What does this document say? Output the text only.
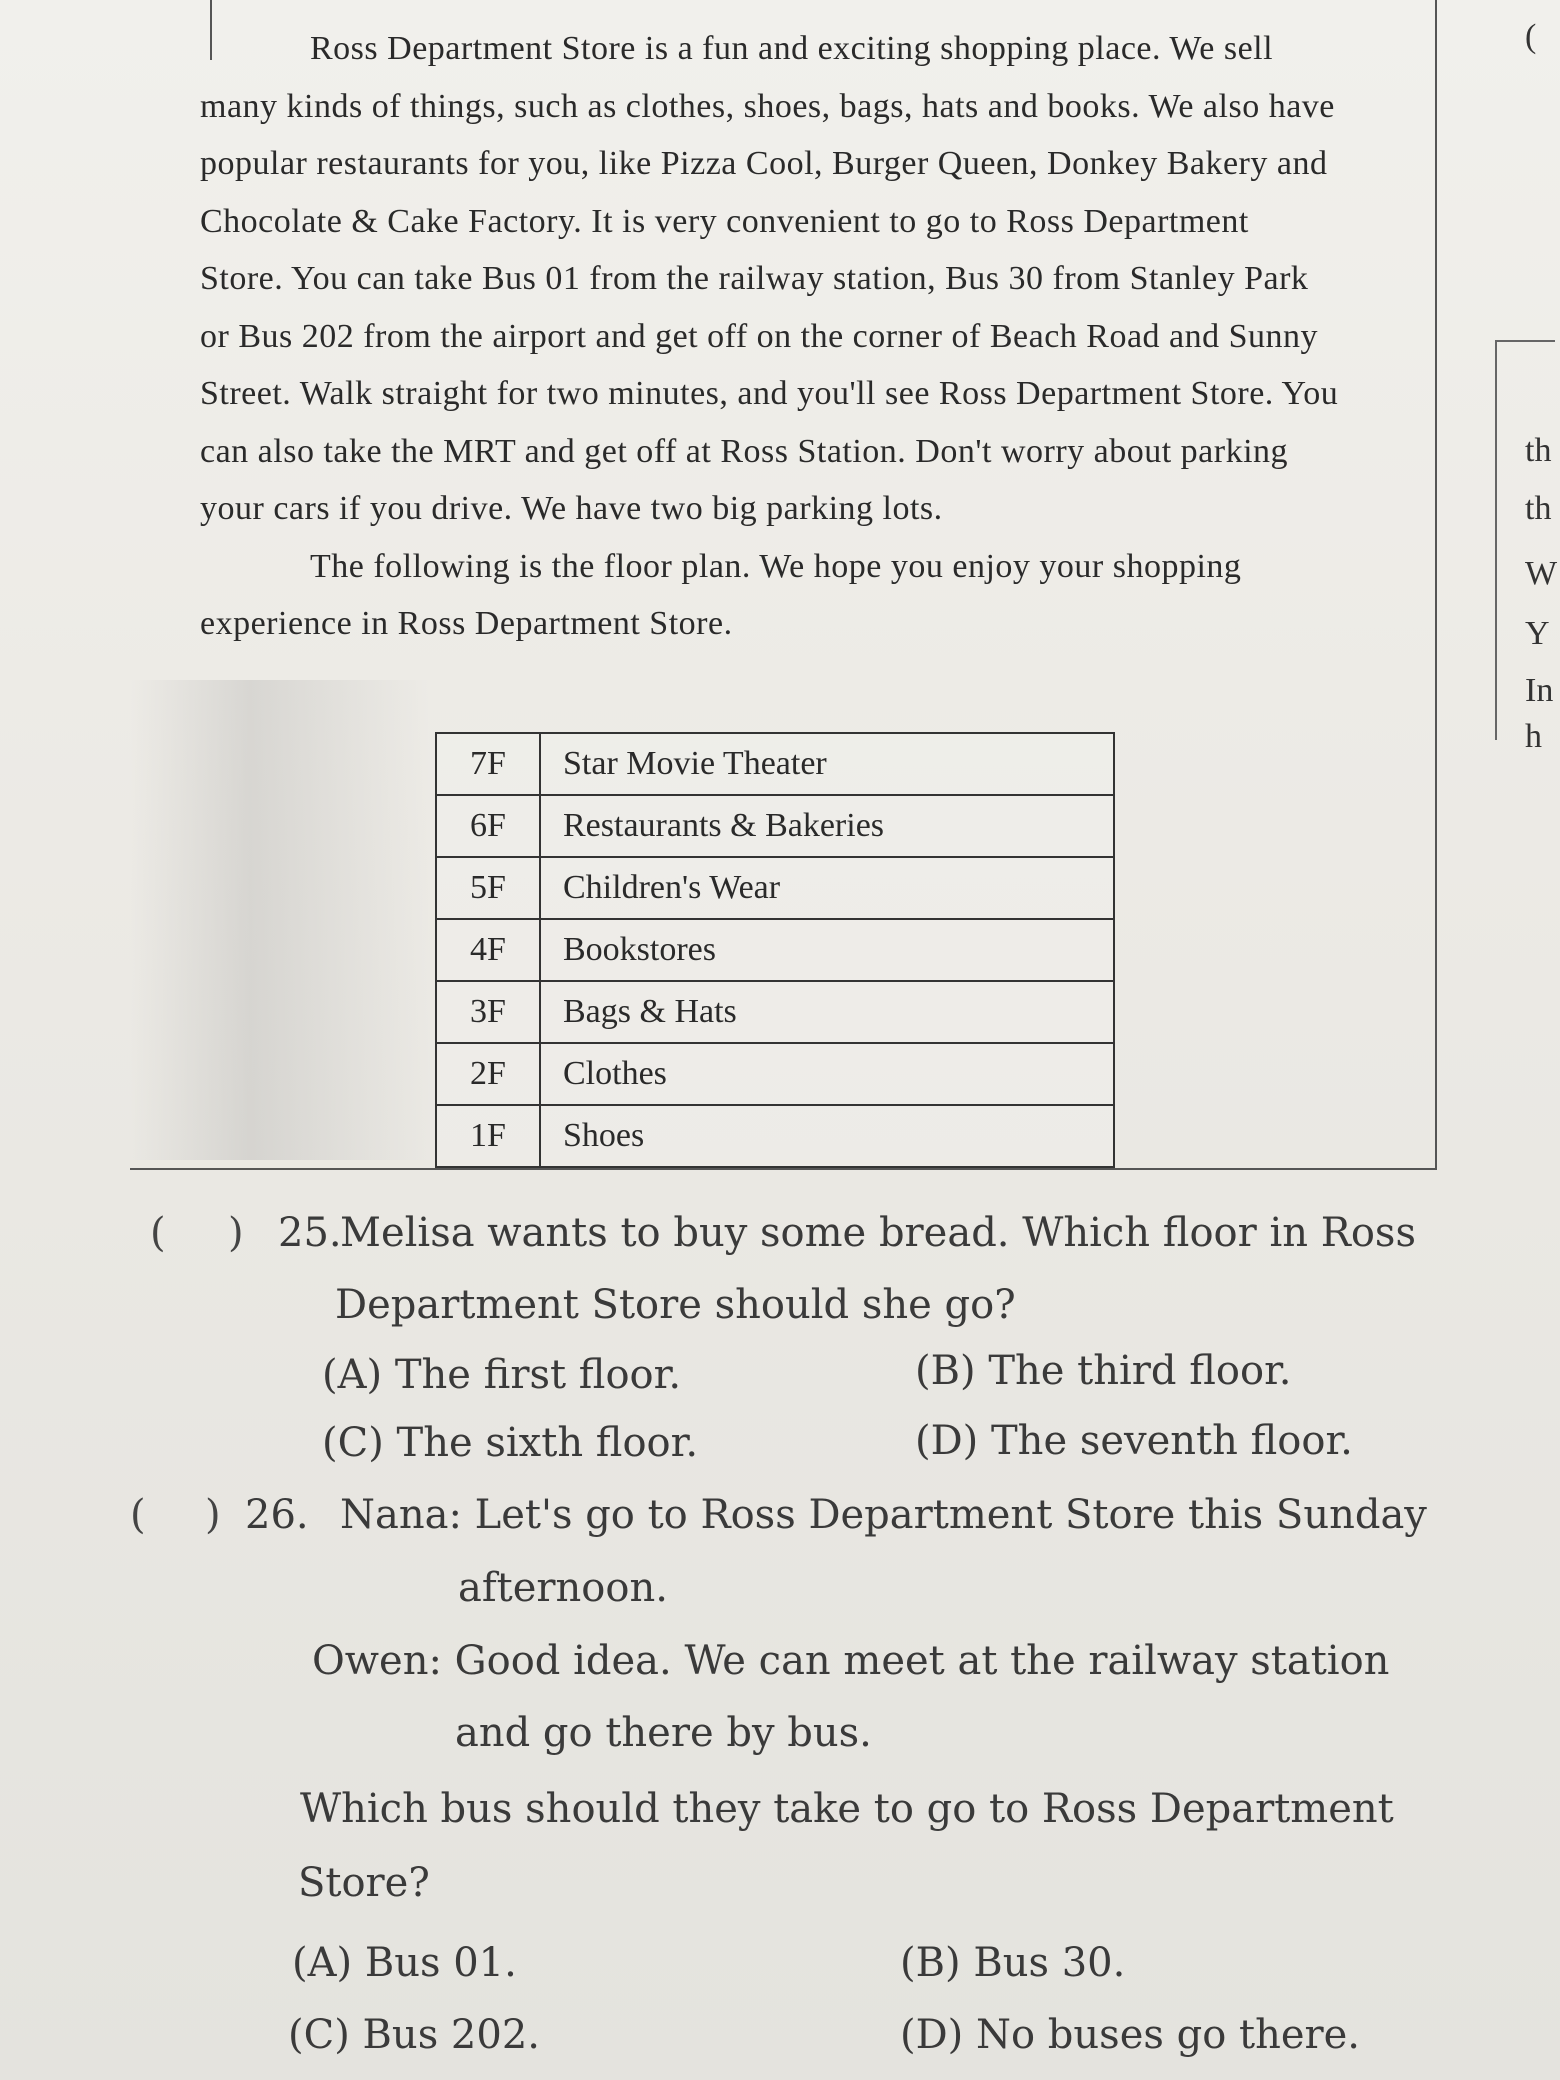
Ross Department Store is a fun and exciting shopping place. We sell many kinds of things, such as clothes, shoes, bags, hats and books. We also have popular restaurants for you, like Pizza Cool, Burger Queen, Donkey Bakery and Chocolate & Cake Factory. It is very convenient to go to Ross Department Store. You can take Bus 01 from the railway station, Bus 30 from Stanley Park or Bus 202 from the airport and get off on the corner of Beach Road and Sunny Street. Walk straight for two minutes, and you'll see Ross Department Store. You can also take the MRT and get off at Ross Station. Don't worry about parking your cars if you drive. We have two big parking lots.

The following is the floor plan. We hope you enjoy your shopping experience in Ross Department Store.

7F	Star Movie Theater
6F	Restaurants & Bakeries
5F	Children's Wear
4F	Bookstores
3F	Bags & Hats
2F	Clothes
1F	Shoes
(
th
th
W
Y
In
h
( ) 25.
Melisa wants to buy some bread. Which floor in Ross
Department Store should she go?
(A) The first floor.	(B) The third floor.
(C) The sixth floor.	(D) The seventh floor.
( ) 26. Nana: Let's go to Ross Department Store this Sunday
afternoon.
Owen: Good idea. We can meet at the railway station
and go there by bus.
Which bus should they take to go to Ross Department
Store?
(A) Bus 01.	(B) Bus 30.
(C) Bus 202.	(D) No buses go there.
